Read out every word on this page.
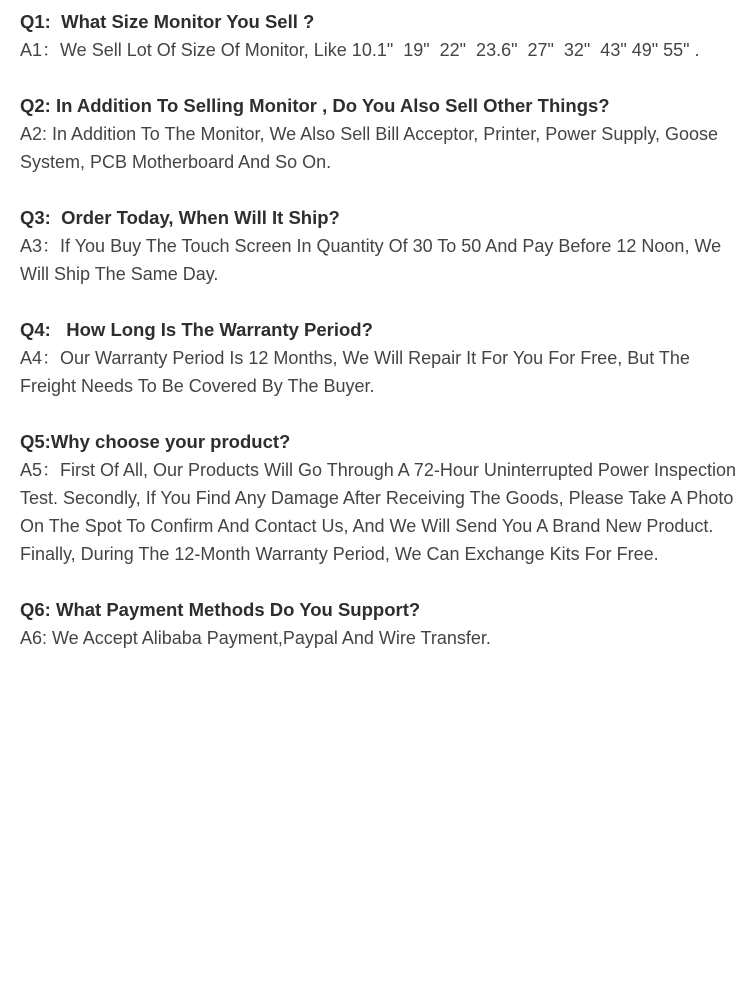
Q1:  What Size Monitor You Sell ?

A1：We Sell Lot Of Size Of Monitor, Like 10.1"  19"  22"  23.6"  27"  32"  43" 49" 55" .

Q2: In Addition To Selling Monitor , Do You Also Sell Other Things?

A2: In Addition To The Monitor, We Also Sell Bill Acceptor, Printer, Power Supply, Goose System, PCB Motherboard And So On.

Q3:  Order Today, When Will It Ship?

A3：If You Buy The Touch Screen In Quantity Of 30 To 50 And Pay Before 12 Noon, We Will Ship The Same Day.

Q4:   How Long Is The Warranty Period?

A4：Our Warranty Period Is 12 Months, We Will Repair It For You For Free, But The Freight Needs To Be Covered By The Buyer.

Q5:Why choose your product?

A5：First Of All, Our Products Will Go Through A 72-Hour Uninterrupted Power Inspection Test. Secondly, If You Find Any Damage After Receiving The Goods, Please Take A Photo On The Spot To Confirm And Contact Us, And We Will Send You A Brand New Product. Finally, During The 12-Month Warranty Period, We Can Exchange Kits For Free.

Q6: What Payment Methods Do You Support?

A6: We Accept Alibaba Payment,Paypal And Wire Transfer.
